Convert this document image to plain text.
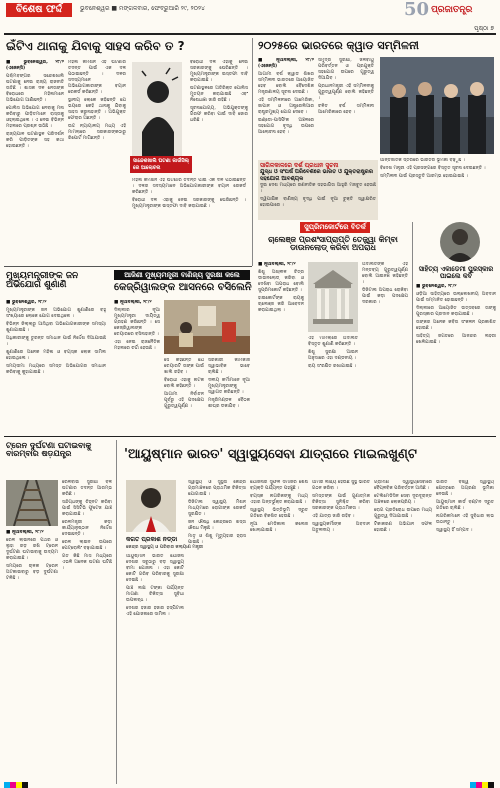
ବିଶେଷ ଫର୍ଦ୍ଦ	ଭୁବନେଶ୍ୱର ■ ମଙ୍ଗଳବାର, ଫେବ୍ରୁଆରି ୨୯, ୨୦୨୪	50 ପ୍ରଜାତନ୍ତ୍ର
ପୃଷ୍ଠା ୭
ଇଁଟିଏ ଥାନାକୁ ଯିବାକୁ ସାହସ କରିବ ତ ?

■ ଭୁବନେଶ୍ୱର, ୨୮/୨ (ଏଜେନ୍ସି)

ପଶ୍ଚିମବଙ୍ଗର ସନ୍ଦେଶଖାଲି ଘଟଣାକୁ ନେଇ ରାଜ୍ୟ ରାଜନୀତି ତାତିଛି । ଶାସକ ଦଳ ନେତାଙ୍କ ବିରୋଧରେ ମହିଳାମାନେ ଅଭିଯୋଗ ଆଣିଛନ୍ତି ।

ପୋଲିସ ଅଭିଯୋଗ ନେବାକୁ ମନା କରିବାରୁ ପୀଡ଼ିତମାନେ ରାସ୍ତାକୁ ଓହ୍ଲାଇଥିଲେ । ଏ ନେଇ ବିଭିନ୍ନ ମହଲରେ ପ୍ରଶ୍ନ ଉଠିଛି ।

ରାଜ୍ୟପାଳ ଘଟଣାସ୍ଥଳ ପରିଦର୍ଶନ କରି ପୀଡ଼ିତଙ୍କ ସହ କଥା ହୋଇଛନ୍ତି ।

ମହିଳା କମିଶନ ଏହି ଘଟଣାର ତଦନ୍ତ ପାଇଁ ଏକ ଦଳ ପଠାଇଛନ୍ତି । ଦଳର ସଦସ୍ୟମାନେ ଅଭିଯୋଗକାରୀଙ୍କ ବୟାନ ରେକର୍ଡ କରିଛନ୍ତି ।

ସ୍ଥାନୀୟ ଲୋକେ କହିଛନ୍ତି ଯେ ଭୟରେ କେହି ଥାନାକୁ ଯିବାକୁ ସାହସ କରୁନାହାନ୍ତି । ଅଭିଯୁକ୍ତ ଫେରାର ଅଛନ୍ତି ।

ଉଚ୍ଚ ନ୍ୟାୟାଳୟ ମଧ୍ୟ ଏହି ମାମଲାରେ ସରକାରଙ୍କଠାରୁ ରିପୋର୍ଟ ମାଗିଛନ୍ତି ।

ସାନ୍ଦେଶଖାଲି ଘଟଣା କାଉଁସିଲ୍ ରେ ଆଲୋଚନା

ବିରୋଧୀ ଦଳ ଏହାକୁ ନେଇ ସରକାରଙ୍କୁ ଘେରିଛନ୍ତି । ମୁଖ୍ୟମନ୍ତ୍ରୀଙ୍କ ଇସ୍ତଫା ଦାବି କରାଯାଇଛି ।

ଘଟଣାସ୍ଥଳରେ ଅତିରିକ୍ତ ପୋଲିସ ମୁତୟନ କରାଯାଇଛି ଏବଂ ନିଷେଧାଜ୍ଞା ଜାରି ରହିଛି ।

ସୂଚନାଯୋଗ୍ୟ, ଅଭିଯୁକ୍ତଙ୍କୁ ଗିରଫ କରିବା ପାଇଁ ଦାବି ଜୋର ଧରିଛି ।

ମହିଳା କମିଶନ ଏହି ଘଟଣାର ତଦନ୍ତ ପାଇଁ ଏକ ଦଳ ପଠାଇଛନ୍ତି । ଦଳର ସଦସ୍ୟମାନେ ଅଭିଯୋଗକାରୀଙ୍କ ବୟାନ ରେକର୍ଡ କରିଛନ୍ତି ।

ବିରୋଧୀ ଦଳ ଏହାକୁ ନେଇ ସରକାରଙ୍କୁ ଘେରିଛନ୍ତି । ମୁଖ୍ୟମନ୍ତ୍ରୀଙ୍କ ଇସ୍ତଫା ଦାବି କରାଯାଇଛି ।

୨୦୨୫ରେ ଭାରତରେ କ୍ୱାଡ ସମ୍ମିଳନୀ

■ ନୂଆଦିଲ୍ଲୀ, ୨୮/୨ (ଏଜେନ୍ସି)

ଆଗାମୀ ବର୍ଷ କ୍ୱାଡ ଶିଖର ସମ୍ମିଳନୀ ଭାରତରେ ଆୟୋଜିତ ହେବ ବୋଲି ବୈଦେଶିକ ମନ୍ତ୍ରଣାଳୟ ସୂଚନା ଦେଇଛି ।

ଏହି ସମ୍ମିଳନୀରେ ଆମେରିକା, ଜାପାନ ଓ ଅଷ୍ଟ୍ରେଲିଆର ରାଷ୍ଟ୍ରମୁଖ୍ୟ ଯୋଗ ଦେବେ ।

ଇଣ୍ଡୋ-ପାସିଫିକ ଅଞ୍ଚଳରେ ସହଯୋଗ ବୃଦ୍ଧି ଉପରେ ଆଲୋଚନା ହେବ ।

ସମୁଦ୍ର ସୁରକ୍ଷା, ଜଳବାୟୁ ପରିବର୍ତ୍ତନ ଓ ପ୍ରଯୁକ୍ତି ସହଯୋଗ ଉପରେ ଗୁରୁତ୍ୱ ଦିଆଯିବ ।

ପ୍ରଧାନମନ୍ତ୍ରୀ ଏହି ସମ୍ମିଳନୀକୁ ଗୁରୁତ୍ୱପୂର୍ଣ୍ଣ ବୋଲି କହିଛନ୍ତି ।

ଚଳିତ ବର୍ଷ ସମ୍ମିଳନୀ ଆମେରିକାରେ ହେବ ।

ସାଗିଳକାଳରେ ଦର୍ଶ ପ୍ରଧାନ ସୁଚନା
ଯୁଦ୍ଧ ଓ ସଂଘର୍ଷ ପରିବେଶରେ ଭାରତ ଓ ଯୁକ୍ତରାଷ୍ଟ୍ରର ସହଯୋଗ ଆବଶ୍ୟକ

ଦୁଇ ଦେଶ ମଧ୍ୟରେ ରଣନୀତିକ ସହଭାଗିତା ଆହୁରି ମଜବୁତ ହେଉଛି ।

ଦ୍ୱିପାକ୍ଷିକ ବାଣିଜ୍ୟ ବୃଦ୍ଧି ପାଇଁ ନୂଆ ଚୁକ୍ତି ସ୍ୱାକ୍ଷରିତ ହୋଇପାରେ ।

ଆନ୍ତର୍ଜାତିକ ସ୍ତରରେ ଭାରତର ଭୂମିକା ବଢ଼ୁଛି ।

ବିଦେଶ ମନ୍ତ୍ରୀ ଏହି ପ୍ରସଙ୍ଗରେ ବିସ୍ତୃତ ସୂଚନା ଦେଇଛନ୍ତି ।

ସମ୍ମିଳନୀ ପାଇଁ ପ୍ରସ୍ତୁତି ଆରମ୍ଭ ହୋଇଯାଇଛି ।

ସୁପ୍ରିମକୋର୍ଟରେ ବିତର୍କ
ଚାଲେଞ୍ଜ ପ୍ରଶଂସାପ୍ରାପ୍ତି ତେଜ୍ଜ୍ୱା କିମ୍ବା ଡାଉନଲୋଡ୍ କରିବା ଅପରାଧ

■ ନୂଆଦିଲ୍ଲୀ, ୨୮/୨

ଶିଶୁ ଅଶ୍ଳୀଳ ଚିତ୍ର ଡାଉନଲୋଡ୍ କରିବା ଓ ଦେଖିବା ଅପରାଧ ବୋଲି ସୁପ୍ରିମକୋର୍ଟ କହିଛନ୍ତି ।

ହାଇକୋର୍ଟଙ୍କ ରାୟକୁ ଚାଲେଞ୍ଜ କରି ଆବେଦନ କରାଯାଇଥିଲା ।

ଏହି ମାମଲାରେ ଅଦାଲତ ବିସ୍ତୃତ ଶୁଣାଣି କରିଛନ୍ତି ।

ଶିଶୁ ସୁରକ୍ଷା ଆଇନ ଅନୁସାରେ ଏହା ଦଣ୍ଡନୀୟ ।

ରାୟ ସଂରକ୍ଷିତ ରଖାଯାଇଛି ।

ଅଦାଲତଙ୍କ ଏହି ମନ୍ତବ୍ୟ ଗୁରୁତ୍ୱପୂର୍ଣ୍ଣ ବୋଲି ଆଇନଜ୍ଞ କହିଛନ୍ତି ।

ଡିଜିଟାଲ ଅପରାଧ ରୋକିବା ପାଇଁ କଡ଼ା ପଦକ୍ଷେପ ଦରକାର ।

ସାହିତ୍ୟ ଏକାଡେମୀ ପୁରସ୍କାର ପାଇଲେ କବି

■ ଭୁବନେଶ୍ୱର, ୨୮/୨

ଓଡ଼ିଆ ସାହିତ୍ୟରେ ଉଲ୍ଲେଖନୀୟ ଅବଦାନ ପାଇଁ ସମ୍ମାନିତ ହୋଇଛନ୍ତି ।

ଦିଲ୍ଲୀରେ ଆୟୋଜିତ ଉତ୍ସବରେ ତାଙ୍କୁ ପୁରସ୍କାର ପ୍ରଦାନ କରାଯାଇଛି ।

ତାଙ୍କର ଅନେକ କବିତା ସଂକଳନ ପ୍ରକାଶିତ ହୋଇଛି ।

ସାହିତ୍ୟ ଜଗତରେ ଆନନ୍ଦର ଲହରୀ ଖେଳିଯାଇଛି ।

ମୁଖ୍ୟମନ୍ତ୍ରୀଙ୍କ ଜନ ଅଭିଯୋଗ ଶୁଣାଣି

■ ଭୁବନେଶ୍ୱର, ୨୮/୨

ମୁଖ୍ୟମନ୍ତ୍ରୀଙ୍କ ଜନ ଅଭିଯୋଗ ଶୁଣାଣିରେ ବହୁ ସଂଖ୍ୟାରେ ଲୋକେ ଯୋଗ ଦେଇଥିଲେ ।

ବିଭିନ୍ନ ଜିଲ୍ଲାରୁ ଆସିଥିବା ଅଭିଯୋଗକାରୀଙ୍କ ସମସ୍ୟା ଶୁଣାଯାଇଛି ।

ଅଧିକାରୀଙ୍କୁ ତୁରନ୍ତ ସମାଧାନ ପାଇଁ ନିର୍ଦ୍ଦେଶ ଦିଆଯାଇଛି ।

ଶୁଣାଣିରେ ଅନେକ ମହିଳା ଓ ବୟସ୍କ ଲୋକ ସାମିଲ ହୋଇଥିଲେ ।

ସମୟସୀମା ମଧ୍ୟରେ ସମସ୍ତ ଅଭିଯୋଗର ସମାଧାନ କରିବାକୁ କୁହାଯାଇଛି ।

ଆଜିଣୀ ମୁଖ୍ୟମନ୍ତ୍ରୀ ବାଣିଜ୍ୟ ସୁରକ୍ଷା କଲେ
କେଜ୍ରିୱାଲଙ୍କ ଆସନରେ ବସିଲେନି

■ ନୂଆଦିଲ୍ଲୀ, ୨୮/୨

ଦିଲ୍ଲୀର ନୂଆ ମୁଖ୍ୟମନ୍ତ୍ରୀ ଦାୟିତ୍ୱ ଗ୍ରହଣ କରିଛନ୍ତି । ସେ କେଜ୍ରିୱାଲଙ୍କ ଚେୟାରରେ ବସିନାହାନ୍ତି ।

ଏହା ନେଇ ରାଜନୈତିକ ମହଲରେ ଚର୍ଚ୍ଚା ହେଉଛି ।

ସେ କହିଛନ୍ତି ଯେ ଚେୟାରଟି ତାଙ୍କ ପାଇଁ ଖାଲି ରହିବ ।

ବିରୋଧୀ ଏହାକୁ ନାଟକ ବୋଲି କହିଛନ୍ତି ।

ଆଗାମୀ ନିର୍ବାଚନ ପୂର୍ବରୁ ଏହି ପଦକ୍ଷେପ ଗୁରୁତ୍ୱପୂର୍ଣ୍ଣ ।

ସରକାରୀ କାମକାଜ ସ୍ୱାଭାବିକ ଭାବେ ଚାଲିଛି ।

ଦଳୀୟ କର୍ମୀମାନେ ନୂଆ ମୁଖ୍ୟମନ୍ତ୍ରୀଙ୍କୁ ସ୍ୱାଗତ କରିଛନ୍ତି ।

ମନ୍ତ୍ରିମଣ୍ଡଳ ବୈଠକ ଶୀଘ୍ର ଡକାଯିବ ।

ଟ୍ରେନ ଦୁର୍ଘଟଣା ଘଟାଇବାକୁ ବାରମ୍ବାର ଷଡ଼ଯନ୍ତ୍ର

■ ନୂଆଦିଲ୍ଲୀ, ୨୮/୨

ରେଳ ଲାଇନରେ ପଥର ଓ ଲୁହା ରଡ଼ ରଖି ଟ୍ରେନ ଦୁର୍ଘଟଣା ଘଟାଇବାକୁ ଉଦ୍ୟମ କରାଯାଇଛି ।

ସମୟରେ ଚାଳକ ଟ୍ରେନ ଅଟକାଇବାରୁ ବଡ଼ ଦୁର୍ଘଟଣା ଟଳିଛି ।

ରେଳବାଇ ସୁରକ୍ଷା ବଳ ଘଟଣାର ତଦନ୍ତ ଆରମ୍ଭ କରିଛି ।

ସନ୍ଦିଗ୍ଧଙ୍କୁ ଚିହ୍ନଟ କରିବା ପାଇଁ ସିସିଟିଭି ଫୁଟେଜ ଯାଞ୍ଚ କରାଯାଉଛି ।

ରେଳମନ୍ତ୍ରୀ କଡ଼ା କାର୍ଯ୍ୟାନୁଷ୍ଠାନ ନିର୍ଦ୍ଦେଶ ଦେଇଛନ୍ତି ।

ରେଳ ଲାଇନ ଉପରେ ପେଟ୍ରୋଲିଂ ବଢ଼ାଯାଇଛି ।

ଗତ କିଛି ମାସ ମଧ୍ୟରେ ଏଭଳି ଅନେକ ଘଟଣା ଘଟିଛି ।

'ଆୟୁଷ୍ମାନ ଭାରତ' ସ୍ୱାସ୍ଥ୍ୟସେବା ଯାତ୍ରାରେ ମାଇଲଖୁଣ୍ଟ
କଗତ ପ୍ରକାଶ ନଡ୍ଡା
କେନ୍ଦ୍ର ସ୍ୱାସ୍ଥ୍ୟ ଓ ପରିବାର କଲ୍ୟାଣ ମନ୍ତ୍ରୀ

ଆୟୁଷ୍ମାନ ଭାରତ ଯୋଜନା ଦେଶର ସବୁଠାରୁ ବଡ଼ ସ୍ୱାସ୍ଥ୍ୟ ବୀମା ଯୋଜନା । ଏହା କୋଟି କୋଟି ଗରିବ ପରିବାରକୁ ସୁରକ୍ଷା ଦେଇଛି ।

ପାଞ୍ଚ ଲକ୍ଷ ଟଙ୍କା ପର୍ଯ୍ୟନ୍ତ ମାଗଣା ଚିକିତ୍ସା ସୁବିଧା ଉପଲବ୍ଧ ।

ଦେଶର ହଜାର ହଜାର ହସ୍ପିଟାଲ ଏହି ଯୋଜନାରେ ସାମିଲ ।

ସ୍ୱାସ୍ଥ୍ୟ ଓ ସୁସ୍ଥତା କେନ୍ଦ୍ର ଗ୍ରାମାଞ୍ଚଳରେ ପ୍ରାଥମିକ ଚିକିତ୍ସା ଯୋଗାଉଛି ।

ଡିଜିଟାଲ ସ୍ୱାସ୍ଥ୍ୟ ମିଶନ ମାଧ୍ୟମରେ ରୋଗୀଙ୍କ ରେକର୍ଡ ସୁରକ୍ଷିତ ।

ଜନ ଔଷଧି କେନ୍ଦ୍ରରେ ଶସ୍ତା ଔଷଧ ମିଳୁଛି ।

ମାତୃ ଓ ଶିଶୁ ମୃତ୍ୟୁହାର ହ୍ରାସ ପାଇଛି ।

ଯୋଜନାର ସୁଫଳ ସମାଜର ଶେଷ ବ୍ୟକ୍ତି ପର୍ଯ୍ୟନ୍ତ ପହଞ୍ଚୁଛି ।

ବୟସ୍କ ନାଗରିକଙ୍କୁ ମଧ୍ୟ ଏହାର ଅନ୍ତର୍ଭୁକ୍ତ କରାଯାଇଛି ।

ସ୍ୱାସ୍ଥ୍ୟ ଭିତ୍ତିଭୂମି ଦ୍ରୁତ ଗତିରେ ବିକଶିତ ହେଉଛି ।

ନୂଆ ମେଡିକାଲ କଲେଜ ଖୋଲାଯାଇଛି ।

ଆମର ଲକ୍ଷ୍ୟ ହେଉଛି ସୁସ୍ଥ ଭାରତ ଗଠନ କରିବା ।

ସମସ୍ତଙ୍କ ପାଇଁ ଗୁଣାତ୍ମକ ଚିକିତ୍ସା ସୁନିଶ୍ଚିତ କରିବା ସରକାରଙ୍କ ପ୍ରାଥମିକତା ।

ଏହି ଯାତ୍ରା ଜାରି ରହିବ ।

ସ୍ୱାସ୍ଥ୍ୟକର୍ମୀଙ୍କ ଅବଦାନ ଅତୁଳନୀୟ ।

ଗ୍ରାମୀଣ ସ୍ୱାସ୍ଥ୍ୟସେବାରେ ବୈପ୍ଳବିକ ପରିବର୍ତ୍ତନ ଆସିଛି ।

ଟେଲିମେଡିସିନ ସେବା ଦୂରଦୂରାନ୍ତ ଅଞ୍ଚଳରେ ଲୋକପ୍ରିୟ ।

ରୋଗ ପ୍ରତିରୋଧ ଉପରେ ମଧ୍ୟ ଗୁରୁତ୍ୱ ଦିଆଯାଉଛି ।

ଟିକାକରଣ ଅଭିଯାନ ସଫଳ ହୋଇଛି ।

ଭାରତ ବିଶ୍ୱ ସ୍ୱାସ୍ଥ୍ୟ କ୍ଷେତ୍ରରେ ଅଗ୍ରଣୀ ଭୂମିକା ନେଉଛି ।

ଆୟୁଷ୍ମାନ କାର୍ଡ ବଣ୍ଟନ ଦ୍ରୁତ ଗତିରେ ଚାଲିଛି ।

ନାଗରିକମାନେ ଏହି ସୁବିଧାର ଲାଭ ଉଠାନ୍ତୁ ।

ସ୍ୱାସ୍ଥ୍ୟ ହିଁ ସମ୍ପଦ ।
